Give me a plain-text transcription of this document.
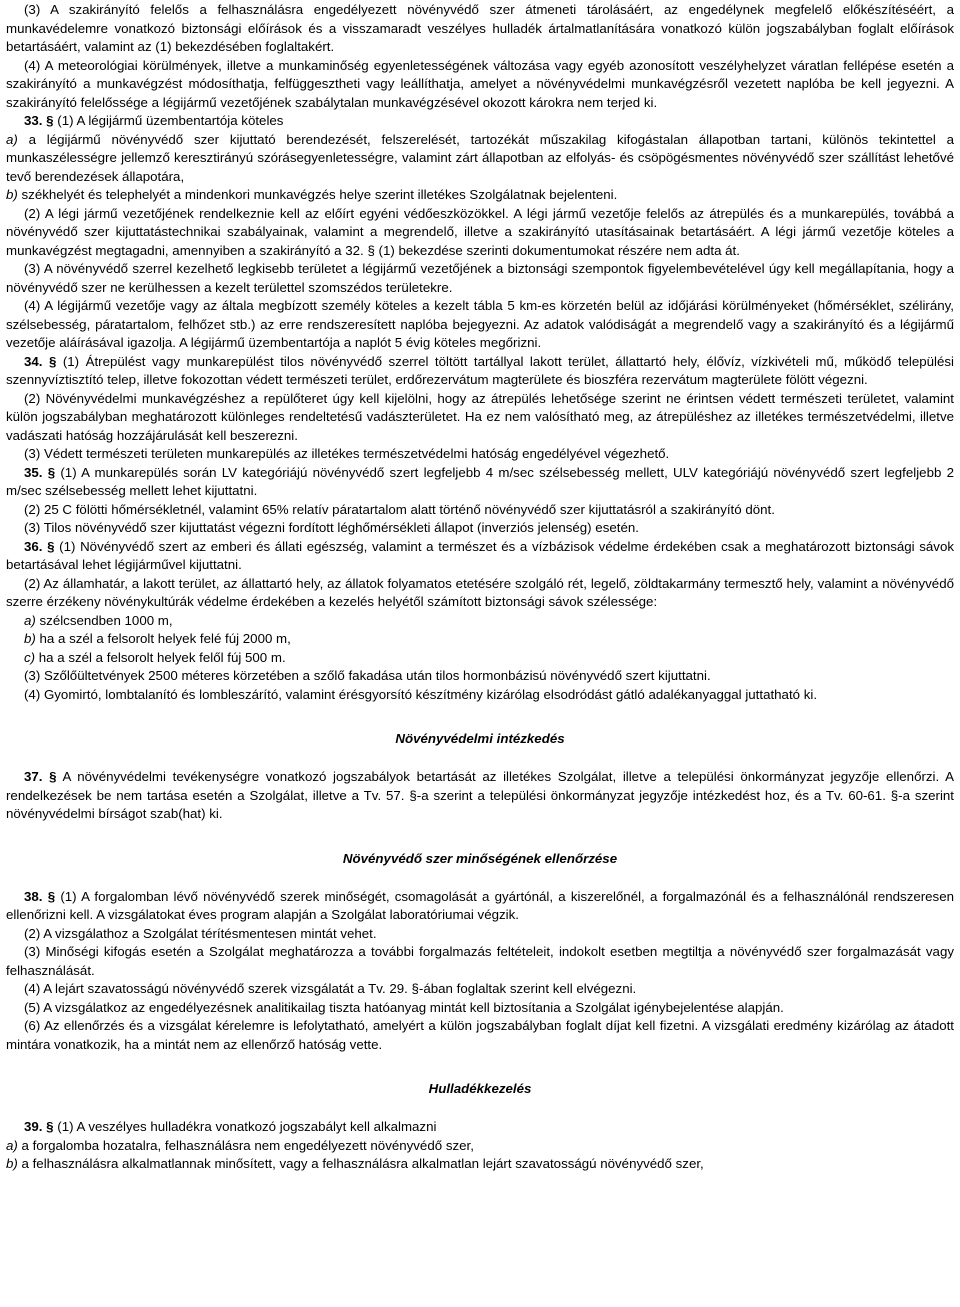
(3) A szakirányító felelős a felhasználásra engedélyezett növényvédő szer átmeneti tárolásáért, az engedélynek megfelelő előkészítéséért, a munkavédelemre vonatkozó biztonsági előírások és a visszamaradt veszélyes hulladék ártalmatlanítására vonatkozó külön jogszabályban foglalt előírások betartásáért, valamint az (1) bekezdésében foglaltakért.

(4) A meteorológiai körülmények, illetve a munkaminőség egyenletességének változása vagy egyéb azonosított veszélyhelyzet váratlan fellépése esetén a szakirányító a munkavégzést módosíthatja, felfüggesztheti vagy leállíthatja, amelyet a növényvédelmi munkavégzésről vezetett naplóba be kell jegyezni. A szakirányító felelőssége a légijármű vezetőjének szabálytalan munkavégzésével okozott károkra nem terjed ki.

33. § (1) A légijármű üzembentartója köteles

a) a légijármű növényvédő szer kijuttató berendezését, felszerelését, tartozékát műszakilag kifogástalan állapotban tartani, különös tekintettel a munkaszélességre jellemző keresztirányú szórásegyenletességre, valamint zárt állapotban az elfolyás- és csöpögésmentes növényvédő szer szállítást lehetővé tevő berendezések állapotára,

b) székhelyét és telephelyét a mindenkori munkavégzés helye szerint illetékes Szolgálatnak bejelenteni.

(2) A légi jármű vezetőjének rendelkeznie kell az előírt egyéni védőeszközökkel. A légi jármű vezetője felelős az átrepülés és a munkarepülés, továbbá a növényvédő szer kijuttatástechnikai szabályainak, valamint a megrendelő, illetve a szakirányító utasításainak betartásáért. A légi jármű vezetője köteles a munkavégzést megtagadni, amennyiben a szakirányító a 32. § (1) bekezdése szerinti dokumentumokat részére nem adta át.

(3) A növényvédő szerrel kezelhető legkisebb területet a légijármű vezetőjének a biztonsági szempontok figyelembevételével úgy kell megállapítania, hogy a növényvédő szer ne kerülhessen a kezelt területtel szomszédos területekre.

(4) A légijármű vezetője vagy az általa megbízott személy köteles a kezelt tábla 5 km-es körzetén belül az időjárási körülményeket (hőmérséklet, szélirány, szélsebesség, páratartalom, felhőzet stb.) az erre rendszeresített naplóba bejegyezni. Az adatok valódiságát a megrendelő vagy a szakirányító és a légijármű vezetője aláírásával igazolja. A légijármű üzembentartója a naplót 5 évig köteles megőrizni.

34. § (1) Átrepülést vagy munkarepülést tilos növényvédő szerrel töltött tartállyal lakott terület, állattartó hely, élővíz, vízkivételi mű, működő települési szennyvíztisztító telep, illetve fokozottan védett természeti terület, erdőrezervátum magterülete és bioszféra rezervátum magterülete fölött végezni.

(2) Növényvédelmi munkavégzéshez a repülőteret úgy kell kijelölni, hogy az átrepülés lehetősége szerint ne érintsen védett természeti területet, valamint külön jogszabályban meghatározott különleges rendeltetésű vadászterületet. Ha ez nem valósítható meg, az átrepüléshez az illetékes természetvédelmi, illetve vadászati hatóság hozzájárulását kell beszerezni.

(3) Védett természeti területen munkarepülés az illetékes természetvédelmi hatóság engedélyével végezhető.

35. § (1) A munkarepülés során LV kategóriájú növényvédő szert legfeljebb 4 m/sec szélsebesség mellett, ULV kategóriájú növényvédő szert legfeljebb 2 m/sec szélsebesség mellett lehet kijuttatni.

(2) 25 C fölötti hőmérsékletnél, valamint 65% relatív páratartalom alatt történő növényvédő szer kijuttatásról a szakirányító dönt.

(3) Tilos növényvédő szer kijuttatást végezni fordított léghőmérsékleti állapot (inverziós jelenség) esetén.

36. § (1) Növényvédő szert az emberi és állati egészség, valamint a természet és a vízbázisok védelme érdekében csak a meghatározott biztonsági sávok betartásával lehet légijárművel kijuttatni.

(2) Az államhatár, a lakott terület, az állattartó hely, az állatok folyamatos etetésére szolgáló rét, legelő, zöldtakarmány termesztő hely, valamint a növényvédő szerre érzékeny növénykultúrák védelme érdekében a kezelés helyétől számított biztonsági sávok szélessége:

a) szélcsendben 1000 m,

b) ha a szél a felsorolt helyek felé fúj 2000 m,

c) ha a szél a felsorolt helyek felől fúj 500 m.

(3) Szőlőültetvények 2500 méteres körzetében a szőlő fakadása után tilos hormonbázisú növényvédő szert kijuttatni.

(4) Gyomirtó, lombtalanító és lombleszárító, valamint érésgyorsító készítmény kizárólag elsodródást gátló adalékanyaggal juttatható ki.

Növényvédelmi intézkedés

37. § A növényvédelmi tevékenységre vonatkozó jogszabályok betartását az illetékes Szolgálat, illetve a települési önkormányzat jegyzője ellenőrzi. A rendelkezések be nem tartása esetén a Szolgálat, illetve a Tv. 57. §-a szerint a települési önkormányzat jegyzője intézkedést hoz, és a Tv. 60-61. §-a szerint növényvédelmi bírságot szab(hat) ki.

Növényvédő szer minőségének ellenőrzése

38. § (1) A forgalomban lévő növényvédő szerek minőségét, csomagolását a gyártónál, a kiszerelőnél, a forgalmazónál és a felhasználónál rendszeresen ellenőrizni kell. A vizsgálatokat éves program alapján a Szolgálat laboratóriumai végzik.

(2) A vizsgálathoz a Szolgálat térítésmentesen mintát vehet.

(3) Minőségi kifogás esetén a Szolgálat meghatározza a további forgalmazás feltételeit, indokolt esetben megtiltja a növényvédő szer forgalmazását vagy felhasználását.

(4) A lejárt szavatosságú növényvédő szerek vizsgálatát a Tv. 29. §-ában foglaltak szerint kell elvégezni.

(5) A vizsgálatkoz az engedélyezésnek analitikailag tiszta hatóanyag mintát kell biztosítania a Szolgálat igénybejelentése alapján.

(6) Az ellenőrzés és a vizsgálat kérelemre is lefolytatható, amelyért a külön jogszabályban foglalt díjat kell fizetni. A vizsgálati eredmény kizárólag az átadott mintára vonatkozik, ha a mintát nem az ellenőrző hatóság vette.

Hulladékkezelés

39. § (1) A veszélyes hulladékra vonatkozó jogszabályt kell alkalmazni

a) a forgalomba hozatalra, felhasználásra nem engedélyezett növényvédő szer,

b) a felhasználásra alkalmatlannak minősített, vagy a felhasználásra alkalmatlan lejárt szavatosságú növényvédő szer,
